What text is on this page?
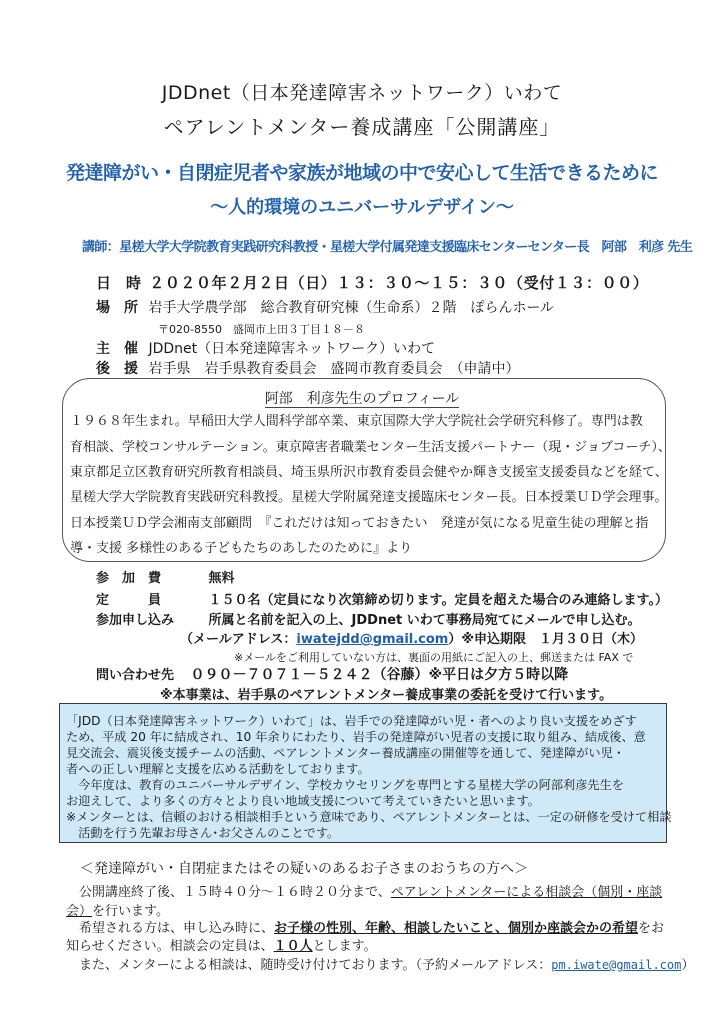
JDDnet（日本発達障害ネットワーク）いわて
ペアレントメンター養成講座「公開講座」
発達障がい・自閉症児者や家族が地域の中で安心して生活できるために
～人的環境のユニバーサルデザイン～
講師：星槎大学大学院教育実践研究科教授・星槎大学付属発達支援臨床センターセンター長　阿部　利彦 先生
日　時 ２０２０年２月２日（日）１３：３０～１５：３０（受付１３：００）
場　所 岩手大学農学部　総合教育研究棟（生命系）２階　ぽらんホール
〒020-8550　盛岡市上田３丁目１８－８
主　催 JDDnet（日本発達障害ネットワーク）いわて
後　援 岩手県　岩手県教育委員会　盛岡市教育委員会　（申請中）
阿部　利彦先生のプロフィール
１９６８年生まれ。早稲田大学人間科学部卒業、東京国際大学大学院社会学研究科修了。専門は教
育相談、学校コンサルテーション。東京障害者職業センター生活支援パートナー（現・ジョブコーチ）、
東京都足立区教育研究所教育相談員、埼玉県所沢市教育委員会健やか輝き支援室支援委員などを経て、
星槎大学大学院教育実践研究科教授。星槎大学附属発達支援臨床センター長。日本授業ＵＤ学会理事。
日本授業ＵＤ学会湘南支部顧問　『これだけは知っておきたい　発達が気になる児童生徒の理解と指
導・支援 多様性のある子どもたちのあしたのために』より
参　加　費	無料
定　　　員	１５０名（定員になり次第締め切ります。定員を超えた場合のみ連絡します。）
参加申し込み	所属と名前を記入の上、JDDnet いわて事務局宛てにメールで申し込む。
（メールアドレス：iwatejdd@gmail.com）※申込期限　１月３０日（木）
※メールをご利用していない方は、裏面の用紙にご記入の上、郵送または FAX で
問い合わせ先 ０９０－７０７１－５２４２（谷藤）※平日は夕方５時以降
※本事業は、岩手県のペアレントメンター養成事業の委託を受けて行います。
「JDD（日本発達障害ネットワーク）いわて」は、岩手での発達障がい児・者へのより良い支援をめざす
ため、平成 20 年に結成され、10 年余りにわたり、岩手の発達障がい児者の支援に取り組み、結成後、意
見交流会、震災後支援チームの活動、ペアレントメンター養成講座の開催等を通して、発達障がい児・
者への正しい理解と支援を広める活動をしております。
　今年度は、教育のユニバーサルデザイン、学校カウセリングを専門とする星槎大学の阿部利彦先生を
お迎えして、より多くの方々とより良い地域支援について考えていきたいと思います。
※メンターとは、信頼のおける相談相手という意味であり、ペアレントメンターとは、一定の研修を受けて相談
　活動を行う先輩お母さん･お父さんのことです。
＜発達障がい・自閉症またはその疑いのあるお子さまのおうちの方へ＞
　公開講座終了後、１５時４０分～１６時２０分まで、ペアレントメンターによる相談会（個別・座談
会）を行います。
　希望される方は、申し込み時に、お子様の性別、年齢、相談したいこと、個別か座談会かの希望をお
知らせください。相談会の定員は、１０人とします。
　また、メンターによる相談は、随時受け付けております。（予約メールアドレス：pm.iwate@gmail.com）
